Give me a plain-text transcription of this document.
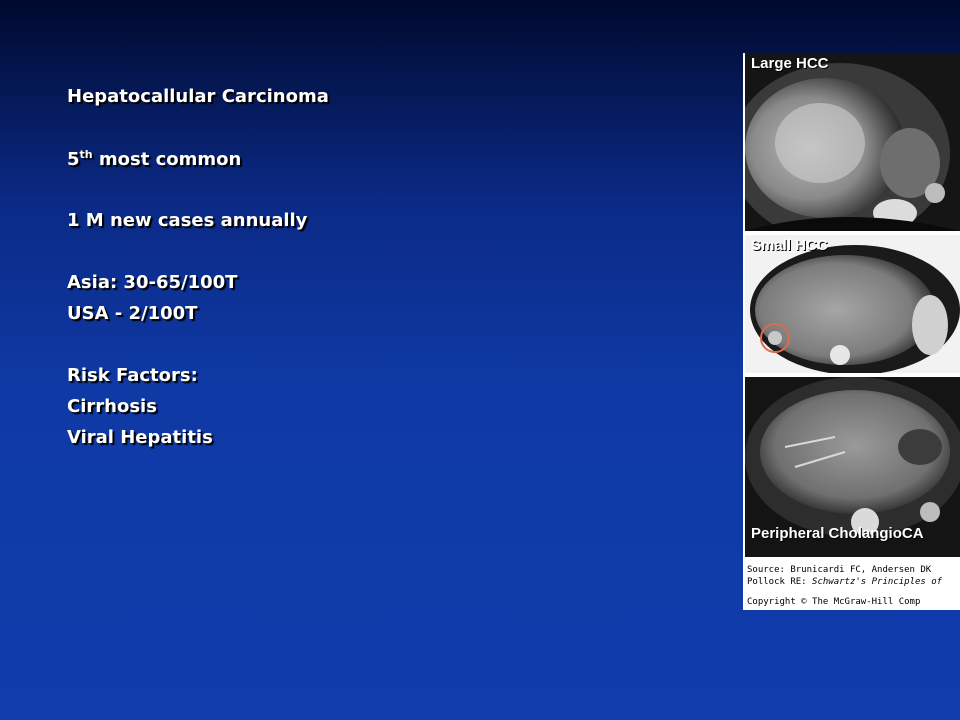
Hepatocallular Carcinoma
5th most common
1 M new cases annually
Asia: 30-65/100T
USA - 2/100T
Risk Factors:
Cirrhosis
Viral Hepatitis
Large HCC
Small HCC
Peripheral CholangioCA
Source: Brunicardi FC, Andersen DK
Pollock RE: Schwartz's Principles of
Copyright © The McGraw-Hill Comp
